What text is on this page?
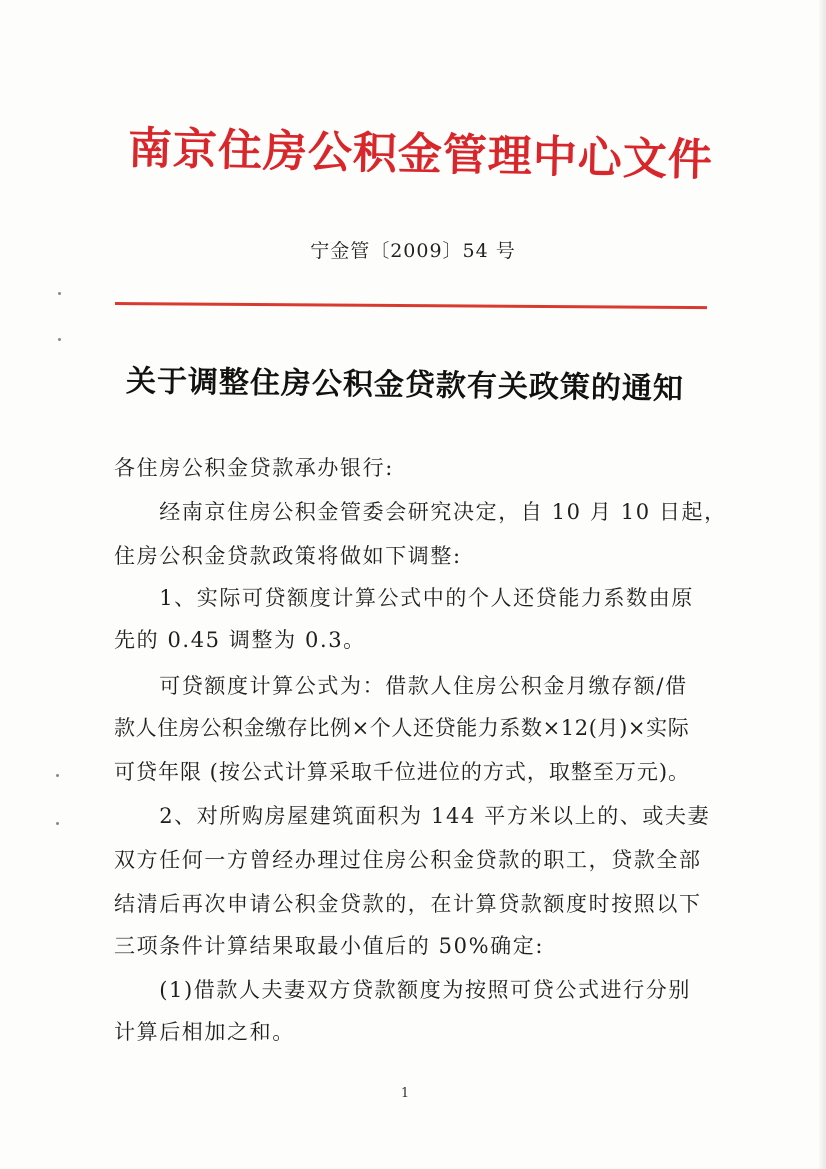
南京住房公积金管理中心文件
宁金管〔2009〕54 号
关于调整住房公积金贷款有关政策的通知
各住房公积金贷款承办银行:
　　经南京住房公积金管委会研究决定，自 10 月 10 日起，
住房公积金贷款政策将做如下调整:
　　1、实际可贷额度计算公式中的个人还贷能力系数由原
先的 0.45 调整为 0.3。
　　可贷额度计算公式为：借款人住房公积金月缴存额/借
款人住房公积金缴存比例×个人还贷能力系数×12(月)×实际
可贷年限 (按公式计算采取千位进位的方式，取整至万元)。
　　2、对所购房屋建筑面积为 144 平方米以上的、或夫妻
双方任何一方曾经办理过住房公积金贷款的职工，贷款全部
结清后再次申请公积金贷款的，在计算贷款额度时按照以下
三项条件计算结果取最小值后的 50%确定:
　　(1)借款人夫妻双方贷款额度为按照可贷公式进行分别
计算后相加之和。
1
